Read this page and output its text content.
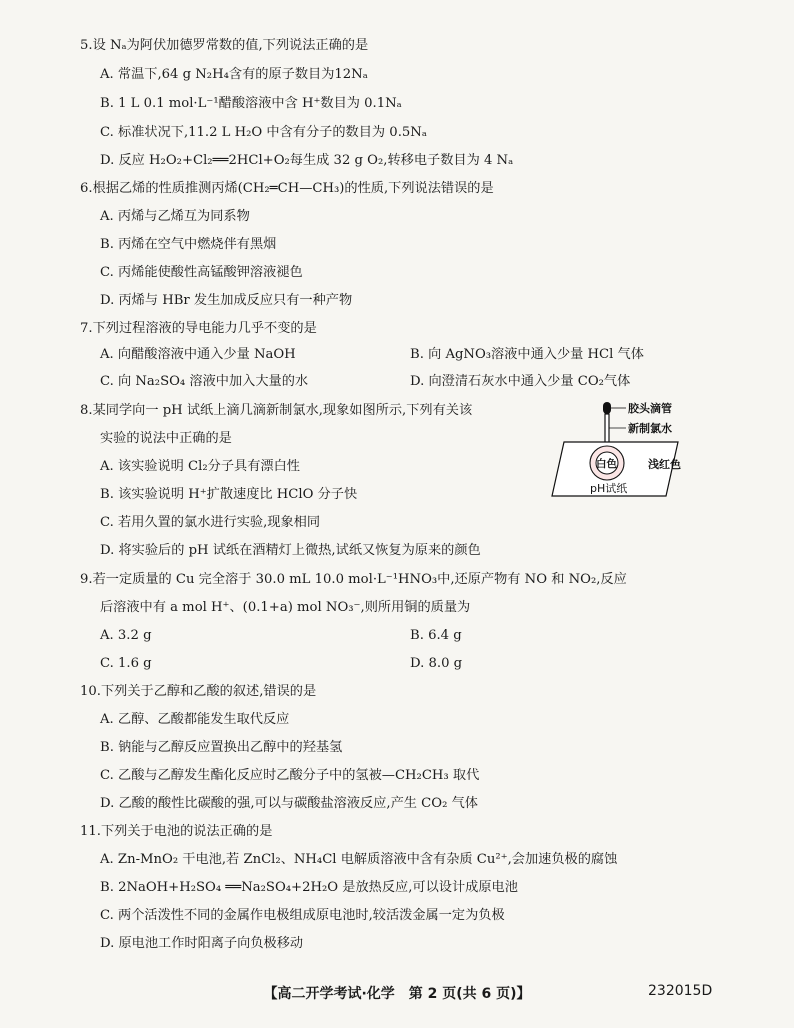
5.设 Nₐ为阿伏加德罗常数的值,下列说法正确的是
A. 常温下,64 g N₂H₄含有的原子数目为12Nₐ
B. 1 L 0.1 mol·L⁻¹醋酸溶液中含 H⁺数目为 0.1Nₐ
C. 标准状况下,11.2 L H₂O 中含有分子的数目为 0.5Nₐ
D. 反应 H₂O₂+Cl₂══2HCl+O₂每生成 32 g O₂,转移电子数目为 4 Nₐ
6.根据乙烯的性质推测丙烯(CH₂═CH—CH₃)的性质,下列说法错误的是
A. 丙烯与乙烯互为同系物
B. 丙烯在空气中燃烧伴有黑烟
C. 丙烯能使酸性高锰酸钾溶液褪色
D. 丙烯与 HBr 发生加成反应只有一种产物
7.下列过程溶液的导电能力几乎不变的是
A. 向醋酸溶液中通入少量 NaOH	B. 向 AgNO₃溶液中通入少量 HCl 气体
C. 向 Na₂SO₄ 溶液中加入大量的水	D. 向澄清石灰水中通入少量 CO₂气体
8.某同学向一 pH 试纸上滴几滴新制氯水,现象如图所示,下列有关该
实验的说法中正确的是
A. 该实验说明 Cl₂分子具有漂白性
B. 该实验说明 H⁺扩散速度比 HClO 分子快
C. 若用久置的氯水进行实验,现象相同
D. 将实验后的 pH 试纸在酒精灯上微热,试纸又恢复为原来的颜色
胶头滴管
新制氯水
白色	浅红色
pH试纸
9.若一定质量的 Cu 完全溶于 30.0 mL 10.0 mol·L⁻¹HNO₃中,还原产物有 NO 和 NO₂,反应
后溶液中有 a mol H⁺、(0.1+a) mol NO₃⁻,则所用铜的质量为
A. 3.2 g	B. 6.4 g
C. 1.6 g	D. 8.0 g
10.下列关于乙醇和乙酸的叙述,错误的是
A. 乙醇、乙酸都能发生取代反应
B. 钠能与乙醇反应置换出乙醇中的羟基氢
C. 乙酸与乙醇发生酯化反应时乙酸分子中的氢被—CH₂CH₃ 取代
D. 乙酸的酸性比碳酸的强,可以与碳酸盐溶液反应,产生 CO₂ 气体
11.下列关于电池的说法正确的是
A. Zn-MnO₂ 干电池,若 ZnCl₂、NH₄Cl 电解质溶液中含有杂质 Cu²⁺,会加速负极的腐蚀
B. 2NaOH+H₂SO₄ ══Na₂SO₄+2H₂O 是放热反应,可以设计成原电池
C. 两个活泼性不同的金属作电极组成原电池时,较活泼金属一定为负极
D. 原电池工作时阳离子向负极移动
【高二开学考试·化学　第 2 页(共 6 页)】	232015D
